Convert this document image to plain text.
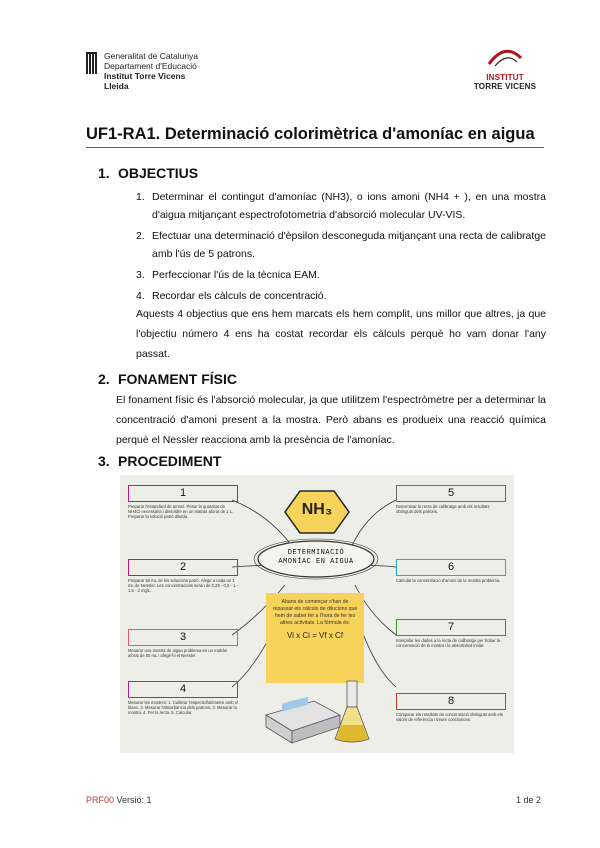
Generalitat de Catalunya
Departament d'Educació
Institut Torre Vicens
Lleida
INSTITUT
TORRE VICENS
UF1-RA1. Determinació colorimètrica d'amoníac en aigua
1. OBJECTIUS
1. Determinar el contingut d'amoníac (NH3), o ions amoni (NH4 + ), en una mostra d'aigua mitjançant espectrofotometria d'absorció molecular UV-VIS.
2. Efectuar una determinació d'èpsilon desconeguda mitjançant una recta de calibratge amb l'ús de 5 patrons.
3. Perfeccionar l'ús de la tècnica EAM.
4. Recordar els càlculs de concentració.
Aquests 4 objectius que ens hem marcats els hem complit, uns millor que altres, ja que l'objectiu número 4 ens ha costat recordar els càlculs perquè ho vam donar l'any passat.
2. FONAMENT FÍSIC
El fonament físic és l'absorció molecular, ja que utilitzem l'espectròmetre per a determinar la concentració d'amoni present a la mostra. Però abans es produeix una reacció química perquè el Nessler reacciona amb la presència de l'amoníac.
3. PROCEDIMENT
NH₃
DETERMINACIÓ
AMONÍAC EN AIGUA
Abans de començar s'han de repassar els càlculs de dilucions que hem de saber fer a l'hora de fer les altres activitats. La fórmula és:
Vi x Ci = Vf x Cf
1
Preparar l'estandard de amoni. Pesar la quantitat de NH4Cl necessària i dissoldre en un matràs aforat de 1 L. Preparar la solució patró diluïda.
2
Preparar 50 mL de les solucions patró. Afegir a cada un 1 mL de Nessler. Les concentracions seran de 0,25 - 0,5 - 1 - 1,5 - 2 mg/L.
3
Mesurar una mostra de aigua problema en un matràs aforat de 50 mL i afegir-hi el Nessler.
4
Mesurar les mostres: 1. Calibrar l'espectrofotòmetre amb el blanc. 2. Mesurar l'absorbància dels patrons. 3. Mesurar la mostra. 4. Fer la recta. 5. Calcular.
5
Determinar la recta de calibratge amb els resultats obtinguts dels patrons.
6
Calcular la concentració d'amoni de la mostra problema.
7
Interpolar les dades a la recta de calibratge per trobar la concentració de la mostra i la absortivitat molar.
8
Comparar els resultats de concentració obtinguts amb els valors de referència i treure conclusions.
PRF00 Versió: 1	1 de 2
